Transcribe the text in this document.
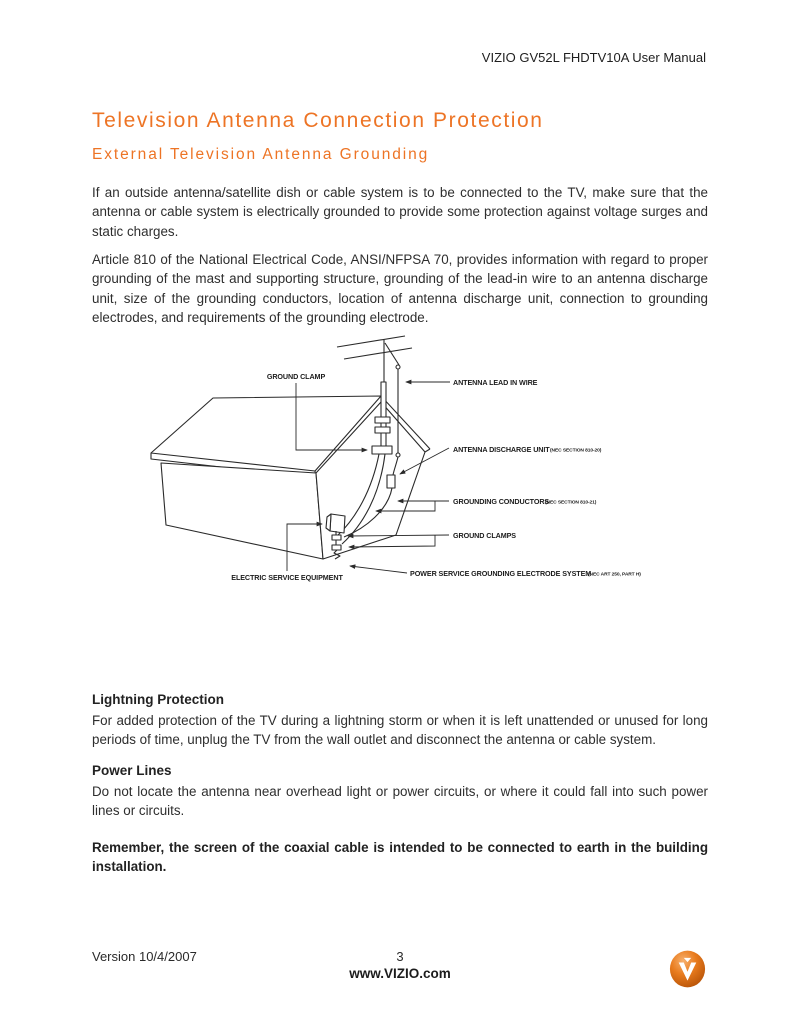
VIZIO GV52L FHDTV10A User Manual
Television Antenna Connection Protection
External Television Antenna Grounding

If an outside antenna/satellite dish or cable system is to be connected to the TV, make sure that the antenna or cable system is electrically grounded to provide some protection against voltage surges and static charges.

Article 810 of the National Electrical Code, ANSI/NFPSA 70, provides information with regard to proper grounding of the mast and supporting structure, grounding of the lead-in wire to an antenna discharge unit, size of the grounding conductors, location of antenna discharge unit, connection to grounding electrodes, and requirements of the grounding electrode.

GROUND CLAMP
ANTENNA LEAD IN WIRE
ANTENNA DISCHARGE UNIT (NEC SECTION 810-20)
GROUNDING CONDUCTORS
(NEC SECTION 810-21)
GROUND CLAMPS
POWER SERVICE GROUNDING ELECTRODE SYSTEM
(NEC ART 250, PART H)
ELECTRIC SERVICE EQUIPMENT
Lightning Protection

For added protection of the TV during a lightning storm or when it is left unattended or unused for long periods of time, unplug the TV from the wall outlet and disconnect the antenna or cable system.

Power Lines

Do not locate the antenna near overhead light or power circuits, or where it could fall into such power lines or circuits.

Remember, the screen of the coaxial cable is intended to be connected to earth in the building installation.

Version 10/4/2007	3
www.VIZIO.com
